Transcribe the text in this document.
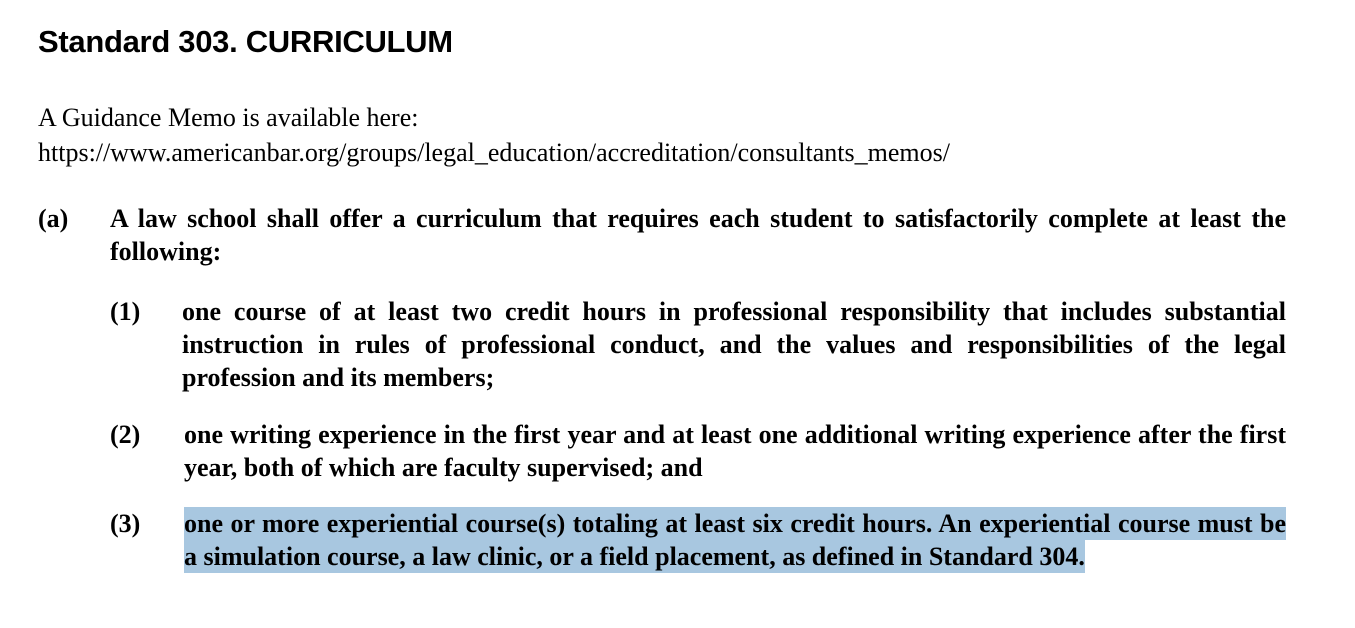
Standard 303. CURRICULUM

A Guidance Memo is available here:
https://www.americanbar.org/groups/legal_education/accreditation/consultants_memos/

(a) A law school shall offer a curriculum that requires each student to satisfactorily complete at least the following:
(1) one course of at least two credit hours in professional responsibility that includes substantial instruction in rules of professional conduct, and the values and responsibilities of the legal profession and its members;
(2) one writing experience in the first year and at least one additional writing experience after the first year, both of which are faculty supervised; and
(3) one or more experiential course(s) totaling at least six credit hours. An experiential course must be a simulation course, a law clinic, or a field placement, as defined in Standard 304.
